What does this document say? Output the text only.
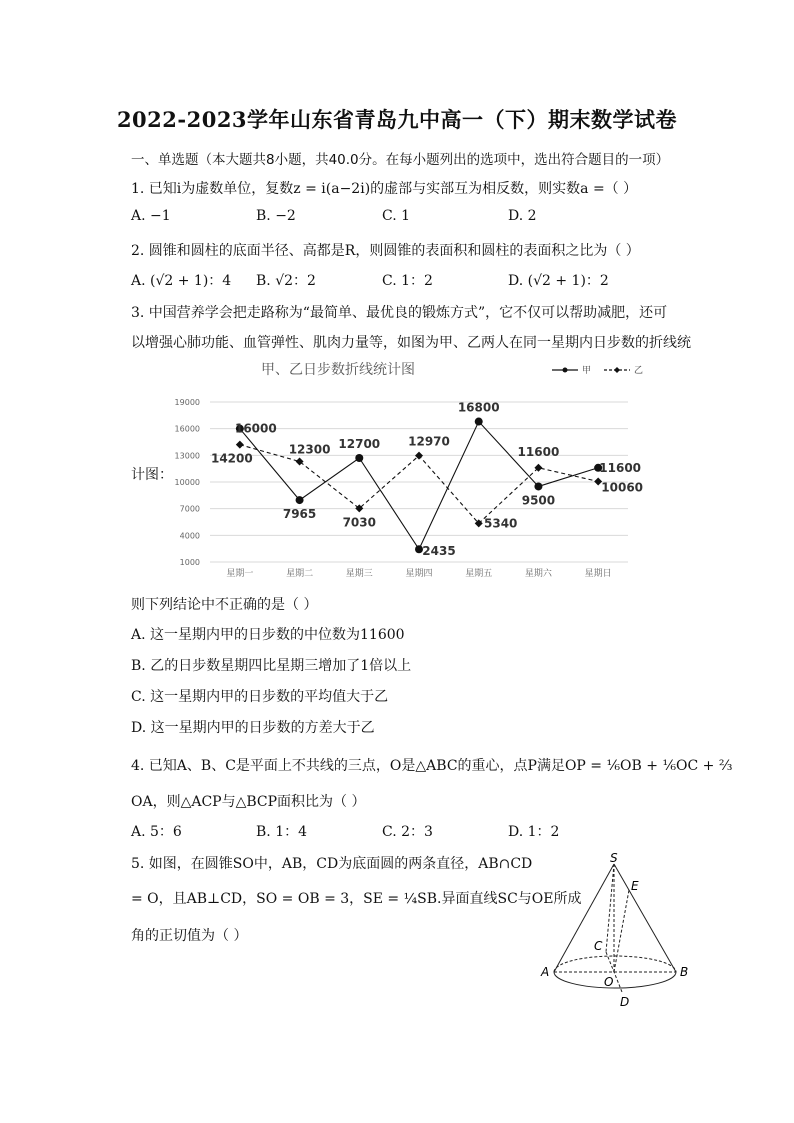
2022-2023学年山东省青岛九中高一（下）期末数学试卷
一、单选题（本大题共8小题，共40.0分。在每小题列出的选项中，选出符合题目的一项）
1. 已知i为虚数单位，复数z = i(a−2i)的虚部与实部互为相反数，则实数a =（ ）
A. −1	B. −2	C. 1	D. 2
2. 圆锥和圆柱的底面半径、高都是R，则圆锥的表面积和圆柱的表面积之比为（ ）
A. (√2 + 1)：4 B. √2：2	C. 1：2	D. (√2 + 1)：2
3. 中国营养学会把走路称为“最简单、最优良的锻炼方式”，它不仅可以帮助减肥，还可
以增强心肺功能、血管弹性、肌肉力量等，如图为甲、乙两人在同一星期内日步数的折线统
计图：
甲、乙日步数折线统计图	甲	乙
1000
4000
7000
10000
13000
16000
19000
星期一	星期二	星期三	星期四	星期五	星期六	星期日
16000
7965
12700
2435
16800
9500
11600
14200
12300
7030
12970
5340
11600
10060
则下列结论中不正确的是（ ）
A. 这一星期内甲的日步数的中位数为11600
B. 乙的日步数星期四比星期三增加了1倍以上
C. 这一星期内甲的日步数的平均值大于乙
D. 这一星期内甲的日步数的方差大于乙
4. 已知A、B、C是平面上不共线的三点，O是△ABC的重心，点P满足OP = ⅙OB + ⅙OC + ⅔
OA，则△ACP与△BCP面积比为（ ）
A. 5：6	B. 1：4	C. 2：3	D. 1：2
5. 如图，在圆锥SO中，AB，CD为底面圆的两条直径，AB∩CD
= O，且AB⊥CD，SO = OB = 3，SE = ¼SB.异面直线SC与OE所成
角的正切值为（ ）
S
E
C
A
O
B
D
